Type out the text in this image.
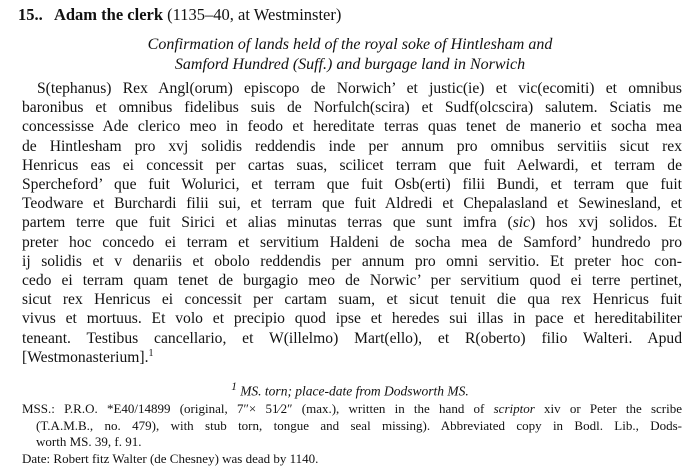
15.. Adam the clerk (1135–40, at Westminster)
Confirmation of lands held of the royal soke of Hintlesham and
Samford Hundred (Suff.) and burgage land in Norwich
S(tephanus) Rex Angl(orum) episcopo de Norwich’ et justic(ie) et vic(ecomiti) et omnibus
baronibus et omnibus fidelibus suis de Norfulch(scira) et Sudf(olcscira) salutem. Sciatis me
concessisse Ade clerico meo in feodo et hereditate terras quas tenet de manerio et socha mea
de Hintlesham pro xvj solidis reddendis inde per annum pro omnibus servitiis sicut rex
Henricus eas ei concessit per cartas suas, scilicet terram que fuit Aelwardi, et terram de
Spercheford’ que fuit Wolurici, et terram que fuit Osb(erti) filii Bundi, et terram que fuit
Teodware et Burchardi filii sui, et terram que fuit Aldredi et Chepalasland et Sewinesland, et
partem terre que fuit Sirici et alias minutas terras que sunt imfra (sic) hos xvj solidos. Et
preter hoc concedo ei terram et servitium Haldeni de socha mea de Samford’ hundredo pro
ij solidis et v denariis et obolo reddendis per annum pro omni servitio. Et preter hoc con-
cedo ei terram quam tenet de burgagio meo de Norwic’ per servitium quod ei terre pertinet,
sicut rex Henricus ei concessit per cartam suam, et sicut tenuit die qua rex Henricus fuit
vivus et mortuus. Et volo et precipio quod ipse et heredes sui illas in pace et hereditabiliter
teneant. Testibus cancellario, et W(illelmo) Mart(ello), et R(oberto) filio Walteri. Apud
[Westmonasterium].$^1$
$^1$ MS. torn; place-date from Dodsworth MS.
MSS.: P.R.O. *E40/14899 (original, 7″× 51⁄2″ (max.), written in the hand of scriptor xiv or Peter the scribe
(T.A.M.B., no. 479), with stub torn, tongue and seal missing). Abbreviated copy in Bodl. Lib., Dods-
worth MS. 39, f. 91.
Date: Robert fitz Walter (de Chesney) was dead by 1140.
